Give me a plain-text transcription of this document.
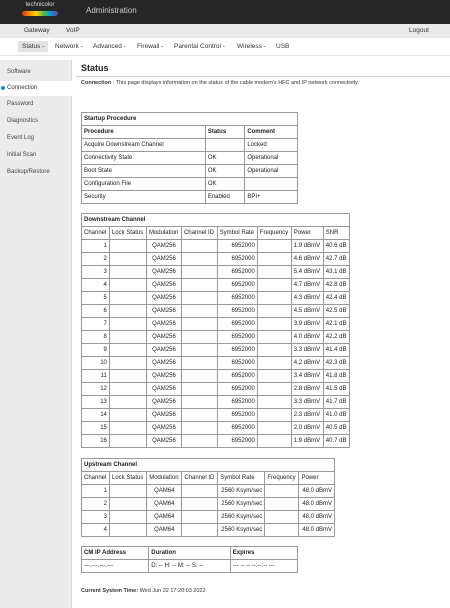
technicolor
Administration
Gateway	VoIP	Logout
Status -	Network - Advanced - Firewall - Parental Control - Wireless - USB
Software
Connection
Password
Diagnostics
Event Log
Initial Scan
Backup/Restore
Status
Connection : This page displays information on the status of the cable modem's HFC and IP network connectivity.
Startup Procedure		
Procedure	Status	Comment
Acquire Downstream Channel		Locked
Connectivity State	OK	Operational
Boot State	OK	Operational
Configuration File	OK	
Security	Enabled	BPI+
Downstream Channel							
Channel	Lock Status	Modulation	Channel ID	Symbol Rate	Frequency	Power	SNR
1		QAM256		6952000		1.9 dBmV	40.6 dB
2		QAM256		6952000		4.6 dBmV	42.7 dB
3		QAM256		6952000		5.4 dBmV	43.1 dB
4		QAM256		6952000		4.7 dBmV	42.8 dB
5		QAM256		6952000		4.3 dBmV	42.4 dB
6		QAM256		6952000		4.5 dBmV	42.5 dB
7		QAM256		6952000		3.9 dBmV	42.1 dB
8		QAM256		6952000		4.0 dBmV	42.2 dB
9		QAM256		6952000		3.3 dBmV	41.4 dB
10		QAM256		6952000		4.2 dBmV	42.3 dB
11		QAM256		6952000		3.4 dBmV	41.8 dB
12		QAM256		6952000		2.8 dBmV	41.5 dB
13		QAM256		6952000		3.3 dBmV	41.7 dB
14		QAM256		6952000		2.3 dBmV	41.0 dB
15		QAM256		6952000		2.0 dBmV	40.5 dB
16		QAM256		6952000		1.9 dBmV	40.7 dB
Upstream Channel						
Channel	Lock Status	Modulation	Channel ID	Symbol Rate	Frequency	Power
1		QAM64		2560 Ksym/sec		48.0 dBmV
2		QAM64		2560 Ksym/sec		48.0 dBmV
3		QAM64		2560 Ksym/sec		48.0 dBmV
4		QAM64		2560 Ksym/sec		48.0 dBmV
CM IP Address	Duration	Expires
---.---.---.---	D: -- H: -- M: -- S: --	--- -- -- --:--:-- ---
Current System Time: Wed Jun 22 17:20:03 2022
